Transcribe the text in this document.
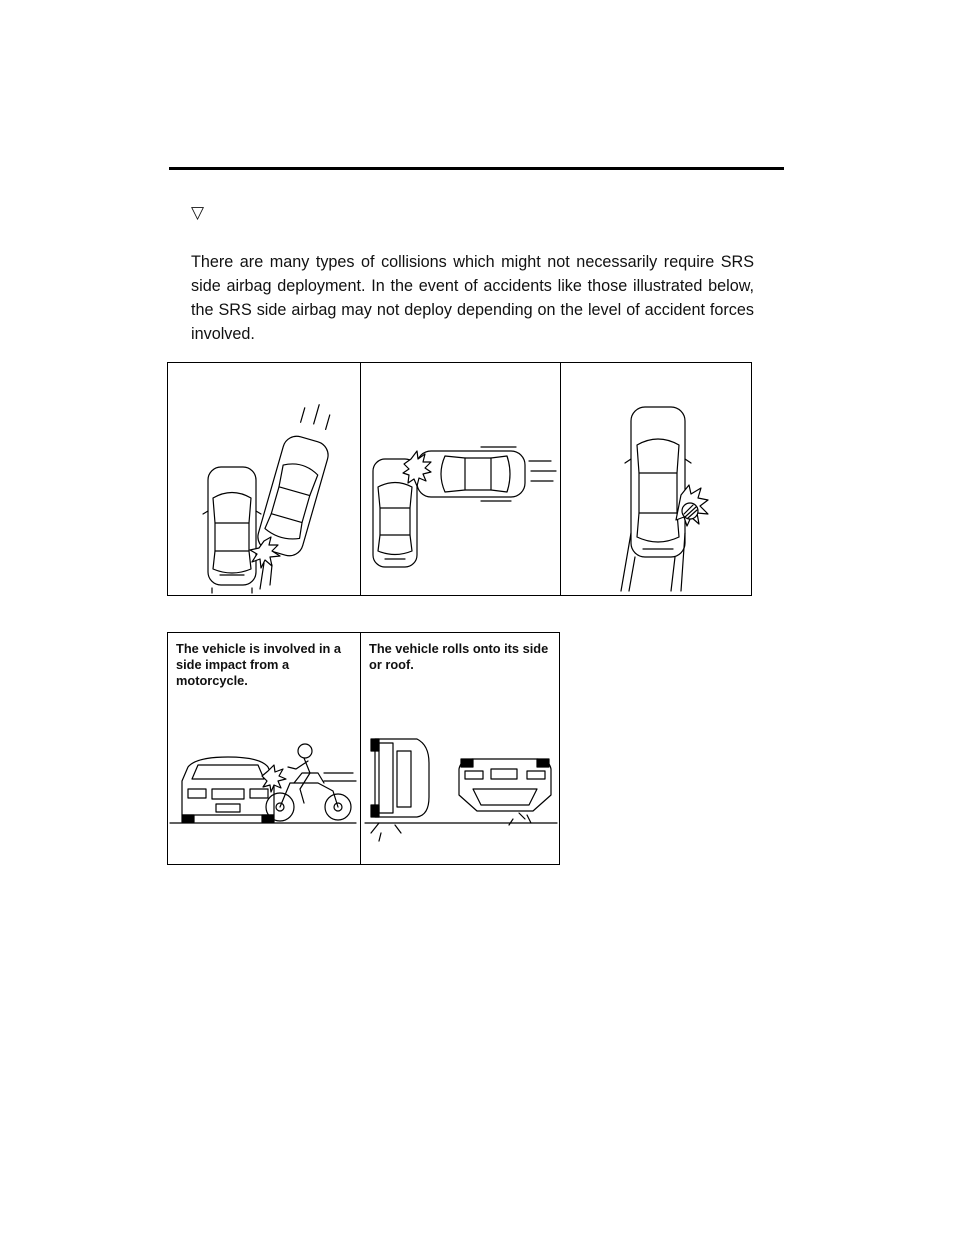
▽

There are many types of collisions which might not necessarily require SRS side airbag deployment. In the event of accidents like those illustrated below, the SRS side airbag may not deploy depending on the level of accident forces involved.

The vehicle is involved in a side impact from a motorcycle.

The vehicle rolls onto its side or roof.
